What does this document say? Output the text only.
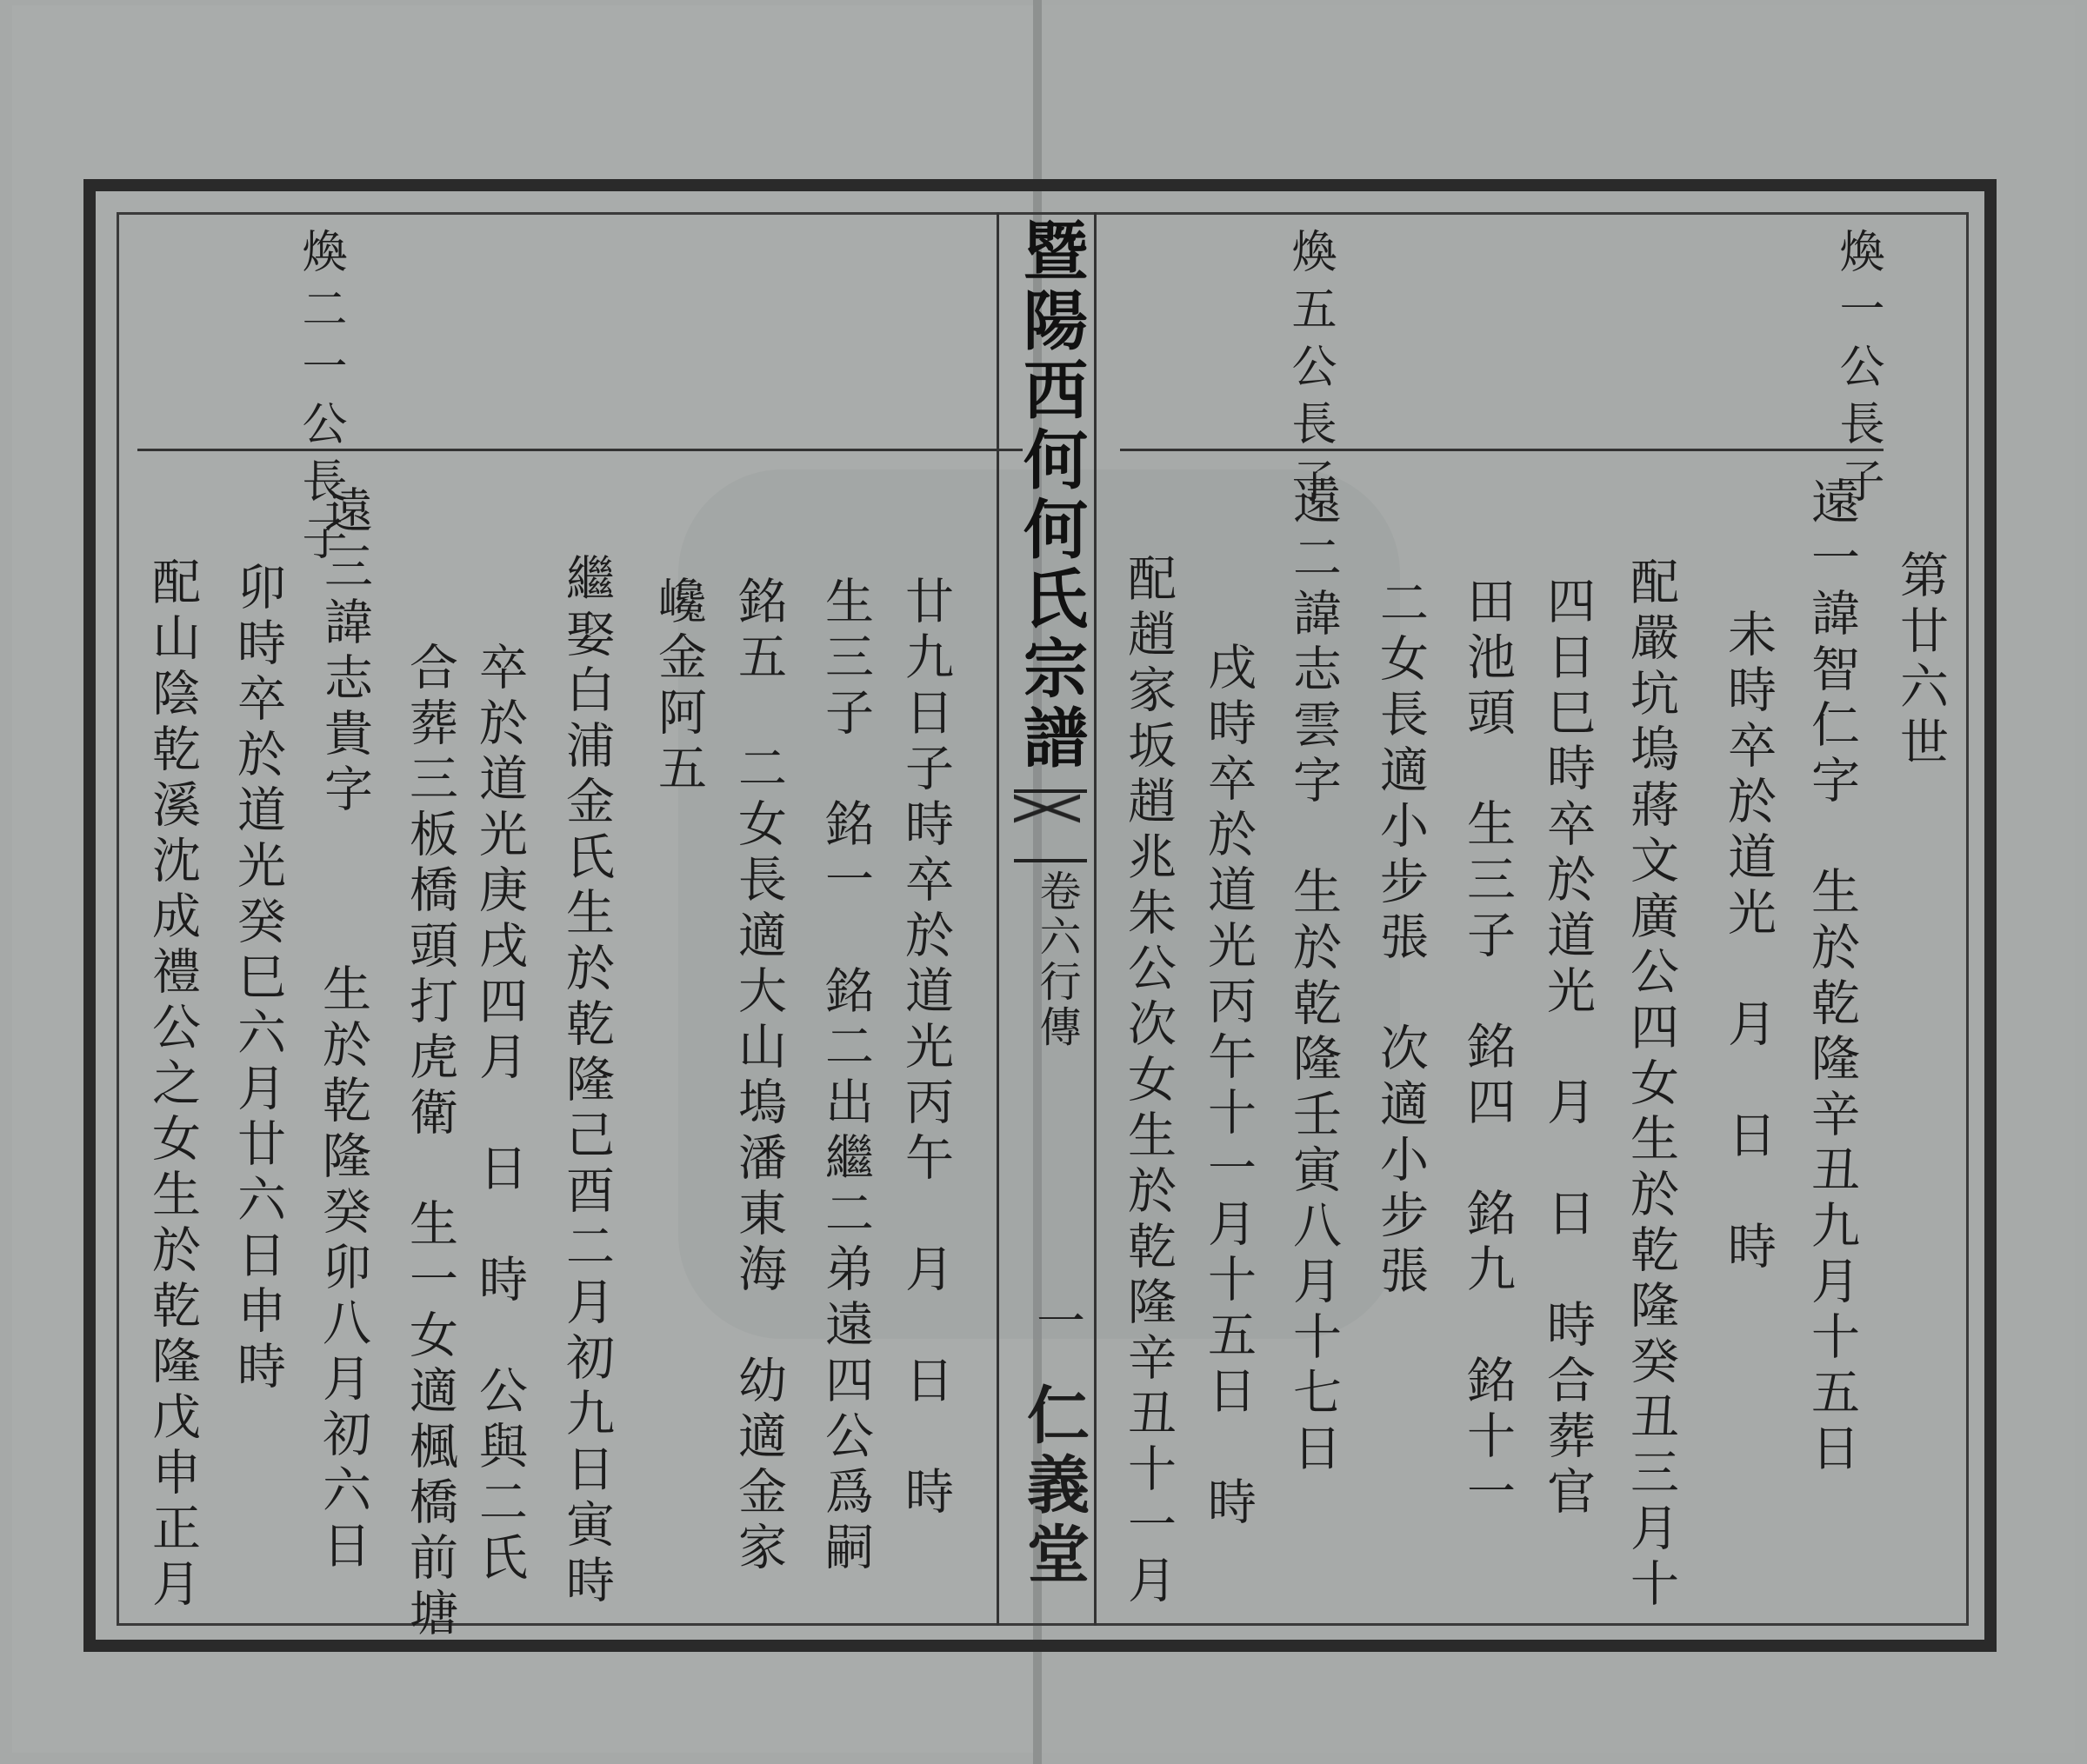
暨陽西何何氏宗譜
卷六行傳
一
仁義堂
煥二一公長子
遠三諱志貴字
卯時卒於道光癸巳六月廿六日申時
配山陰乾溪沈成禮公之女生於乾隆戊申正月	卒於道光庚戌四月　日　時　公與二氏
合葬三板橋頭打虎衛　生一女適楓橋前塘
生於乾隆癸卯八月初六日	繼娶白浦金氏生於乾隆己酉二月初九日寅時 巉金阿五 銘五　二女長適大山塢潘東海　幼適金家 生三子　銘一　銘二出繼二弟遠四公爲嗣 廿九日子時卒於道光丙午　月　日　時
煥五公長子	煥一公長子
配趙家坂趙兆朱公次女生於乾隆辛丑十一月 戌時卒於道光丙午十一月十五日　時 遠二諱志雲字　生於乾隆壬寅八月十七日 二女長適小步張　次適小步張 田池頭　生三子　銘四　銘九　銘十一 四日巳時卒於道光　月　日　時合葬官 配嚴坑塢蔣文廣公四女生於乾隆癸丑三月十 未時卒於道光　月　日　時 遠一諱智仁字　生於乾隆辛丑九月十五日 第廿六世
